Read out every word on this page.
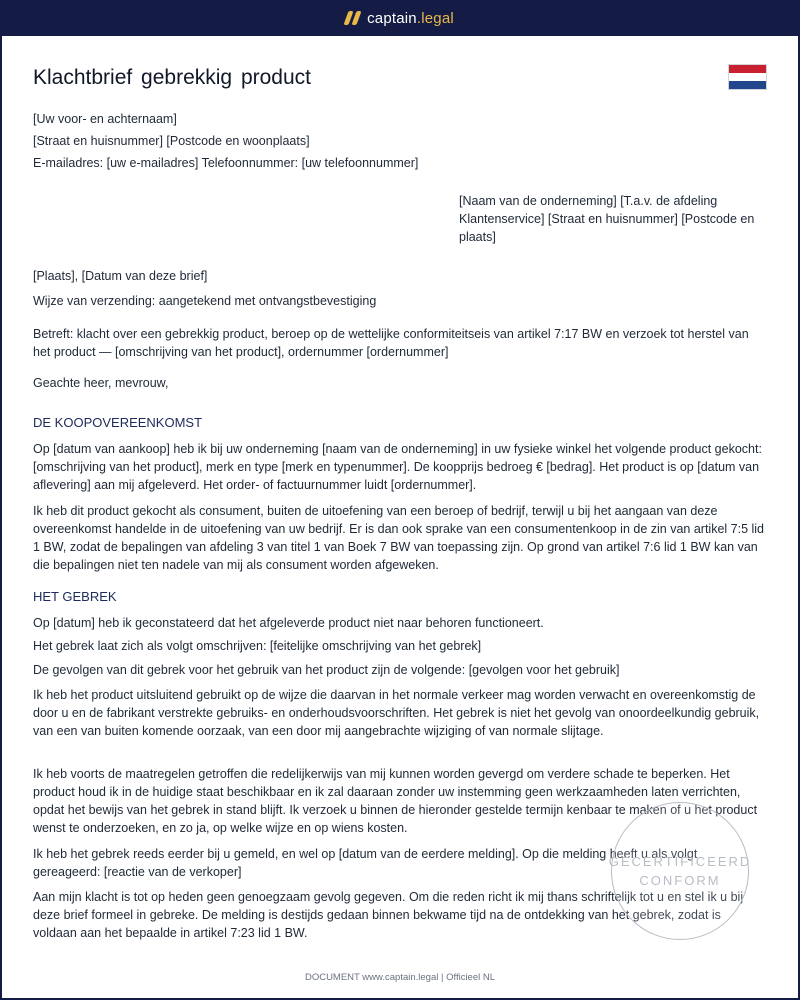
captain.legal
Klachtbrief gebrekkig product
[Uw voor- en achternaam]
[Straat en huisnummer] [Postcode en woonplaats]
E-mailadres: [uw e-mailadres] Telefoonnummer: [uw telefoonnummer]

[Naam van de onderneming] [T.a.v. de afdeling Klantenservice] [Straat en huisnummer] [Postcode en plaats]

[Plaats], [Datum van deze brief]

Wijze van verzending: aangetekend met ontvangstbevestiging

Betreft: klacht over een gebrekkig product, beroep op de wettelijke conformiteitseis van artikel 7:17 BW en verzoek tot herstel van het product — [omschrijving van het product], ordernummer [ordernummer]

Geachte heer, mevrouw,

DE KOOPOVEREENKOMST

Op [datum van aankoop] heb ik bij uw onderneming [naam van de onderneming] in uw fysieke winkel het volgende product gekocht: [omschrijving van het product], merk en type [merk en typenummer]. De koopprijs bedroeg € [bedrag]. Het product is op [datum van aflevering] aan mij afgeleverd. Het order- of factuurnummer luidt [ordernummer].

Ik heb dit product gekocht als consument, buiten de uitoefening van een beroep of bedrijf, terwijl u bij het aangaan van deze overeenkomst handelde in de uitoefening van uw bedrijf. Er is dan ook sprake van een consumentenkoop in de zin van artikel 7:5 lid 1 BW, zodat de bepalingen van afdeling 3 van titel 1 van Boek 7 BW van toepassing zijn. Op grond van artikel 7:6 lid 1 BW kan van die bepalingen niet ten nadele van mij als consument worden afgeweken.

HET GEBREK

Op [datum] heb ik geconstateerd dat het afgeleverde product niet naar behoren functioneert.

Het gebrek laat zich als volgt omschrijven: [feitelijke omschrijving van het gebrek]

De gevolgen van dit gebrek voor het gebruik van het product zijn de volgende: [gevolgen voor het gebruik]

Ik heb het product uitsluitend gebruikt op de wijze die daarvan in het normale verkeer mag worden verwacht en overeenkomstig de door u en de fabrikant verstrekte gebruiks- en onderhoudsvoorschriften. Het gebrek is niet het gevolg van onoordeelkundig gebruik, van een van buiten komende oorzaak, van een door mij aangebrachte wijziging of van normale slijtage.

Ik heb voorts de maatregelen getroffen die redelijkerwijs van mij kunnen worden gevergd om verdere schade te beperken. Het product houd ik in de huidige staat beschikbaar en ik zal daaraan zonder uw instemming geen werkzaamheden laten verrichten, opdat het bewijs van het gebrek in stand blijft. Ik verzoek u binnen de hieronder gestelde termijn kenbaar te maken of u het product wenst te onderzoeken, en zo ja, op welke wijze en op wiens kosten.

Ik heb het gebrek reeds eerder bij u gemeld, en wel op [datum van de eerdere melding]. Op die melding heeft u als volgt gereageerd: [reactie van de verkoper]

Aan mijn klacht is tot op heden geen genoegzaam gevolg gegeven. Om die reden richt ik mij thans schriftelijk tot u en stel ik u bij deze brief formeel in gebreke. De melding is destijds gedaan binnen bekwame tijd na de ontdekking van het gebrek, zodat is voldaan aan het bepaalde in artikel 7:23 lid 1 BW.

GECERTIFICEERD
CONFORM
DOCUMENT www.captain.legal | Officieel NL
